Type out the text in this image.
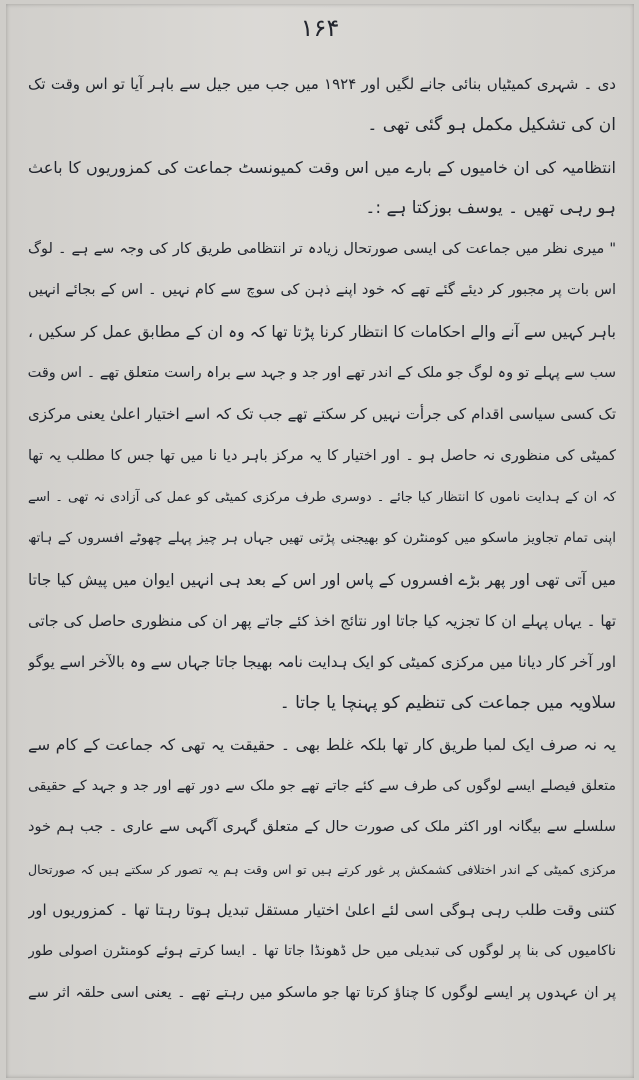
۱۶۴
دی ۔ شہری کمیٹیاں بنائی جانے لگیں اور ۱۹۲۴ میں جب میں جیل سے باہر آیا تو اس وقت تک
ان کی تشکیل مکمل ہو گئی تھی ۔
انتظامیہ کی ان خامیوں کے بارے میں اس وقت کمیونسٹ جماعت کی کمزوریوں کا باعث
ہو رہی تھیں ۔ یوسف بوزکتا ہے :۔
" میری نظر میں جماعت کی ایسی صورتحال زیادہ تر انتظامی طریق کار کی وجہ سے ہے ۔ لوگ
اس بات پر مجبور کر دیئے گئے تھے کہ خود اپنے ذہن کی سوچ سے کام نہیں ۔ اس کے بجائے انہیں
باہر کہیں سے آنے والے احکامات کا انتظار کرنا پڑتا تھا کہ وہ ان کے مطابق عمل کر سکیں ،
سب سے پہلے تو وہ لوگ جو ملک کے اندر تھے اور جد و جہد سے براہ راست متعلق تھے ۔ اس وقت
تک کسی سیاسی اقدام کی جرأت نہیں کر سکتے تھے جب تک کہ اسے اختیار اعلیٰ یعنی مرکزی
کمیٹی کی منظوری نہ حاصل ہو ۔ اور اختیار کا یہ مرکز باہر دیا نا میں تھا جس کا مطلب یہ تھا
کہ ان کے ہدایت ناموں کا انتظار کیا جائے ۔ دوسری طرف مرکزی کمیٹی کو عمل کی آزادی نہ تھی ۔ اسے
اپنی تمام تجاویز ماسکو میں کومنٹرن کو بھیجنی پڑتی تھیں جہاں ہر چیز پہلے چھوٹے افسروں کے ہاتھ
میں آتی تھی اور پھر بڑے افسروں کے پاس اور اس کے بعد ہی انہیں ایوان میں پیش کیا جاتا
تھا ۔ یہاں پہلے ان کا تجزیہ کیا جاتا اور نتائج اخذ کئے جاتے پھر ان کی منظوری حاصل کی جاتی
اور آخر کار دیانا میں مرکزی کمیٹی کو ایک ہدایت نامہ بھیجا جاتا جہاں سے وہ بالآخر اسے یوگو
سلاویہ میں جماعت کی تنظیم کو پہنچا یا جاتا ۔
یہ نہ صرف ایک لمبا طریق کار تھا بلکہ غلط بھی ۔ حقیقت یہ تھی کہ جماعت کے کام سے
متعلق فیصلے ایسے لوگوں کی طرف سے کئے جاتے تھے جو ملک سے دور تھے اور جد و جہد کے حقیقی
سلسلے سے بیگانہ اور اکثر ملک کی صورت حال کے متعلق گہری آگہی سے عاری ۔ جب ہم خود
مرکزی کمیٹی کے اندر اختلافی کشمکش پر غور کرتے ہیں تو اس وقت ہم یہ تصور کر سکتے ہیں کہ صورتحال
کتنی وقت طلب رہی ہوگی اسی لئے اعلیٰ اختیار مستقل تبدیل ہوتا رہتا تھا ۔ کمزوریوں اور
ناکامیوں کی بنا پر لوگوں کی تبدیلی میں حل ڈھونڈا جاتا تھا ۔ ایسا کرتے ہوئے کومنٹرن اصولی طور
پر ان عہدوں پر ایسے لوگوں کا چناؤ کرتا تھا جو ماسکو میں رہتے تھے ۔ یعنی اسی حلقہ اثر سے
